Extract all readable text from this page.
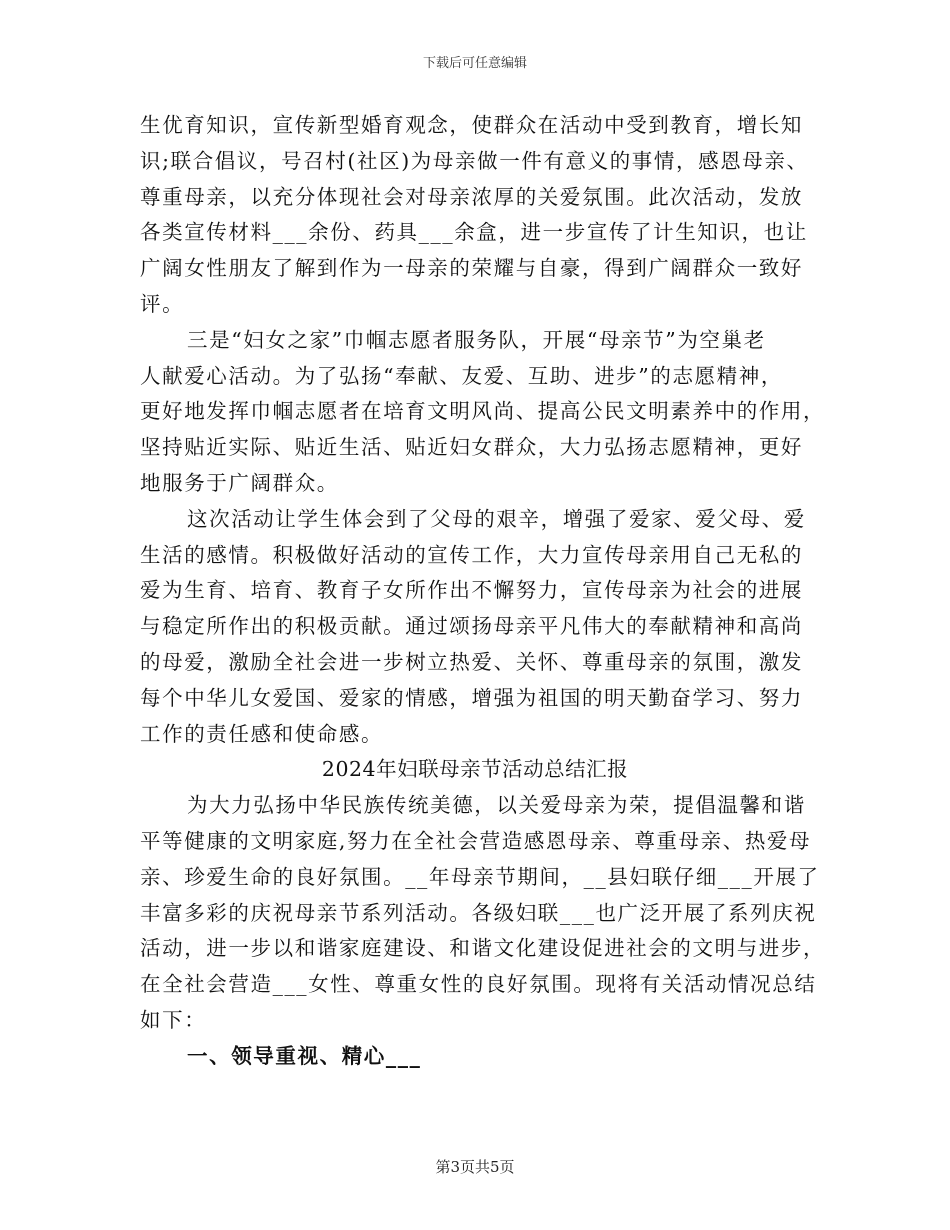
下载后可任意编辑
生优育知识，宣传新型婚育观念，使群众在活动中受到教育，增长知
识;联合倡议，号召村(社区)为母亲做一件有意义的事情，感恩母亲、
尊重母亲，以充分体现社会对母亲浓厚的关爱氛围。此次活动，发放
各类宣传材料___余份、药具___余盒，进一步宣传了计生知识，也让
广阔女性朋友了解到作为一母亲的荣耀与自豪，得到广阔群众一致好
评。
三是“妇女之家”巾帼志愿者服务队，开展“母亲节”为空巢老
人献爱心活动。为了弘扬“奉献、友爱、互助、进步”的志愿精神，
更好地发挥巾帼志愿者在培育文明风尚、提高公民文明素养中的作用，
坚持贴近实际、贴近生活、贴近妇女群众，大力弘扬志愿精神，更好
地服务于广阔群众。
这次活动让学生体会到了父母的艰辛，增强了爱家、爱父母、爱
生活的感情。积极做好活动的宣传工作，大力宣传母亲用自己无私的
爱为生育、培育、教育子女所作出不懈努力，宣传母亲为社会的进展
与稳定所作出的积极贡献。通过颂扬母亲平凡伟大的奉献精神和高尚
的母爱，激励全社会进一步树立热爱、关怀、尊重母亲的氛围，激发
每个中华儿女爱国、爱家的情感，增强为祖国的明天勤奋学习、努力
工作的责任感和使命感。
2024年妇联母亲节活动总结汇报
为大力弘扬中华民族传统美德，以关爱母亲为荣，提倡温馨和谐
平等健康的文明家庭,努力在全社会营造感恩母亲、尊重母亲、热爱母
亲、珍爱生命的良好氛围。__年母亲节期间，__县妇联仔细___开展了
丰富多彩的庆祝母亲节系列活动。各级妇联___也广泛开展了系列庆祝
活动，进一步以和谐家庭建设、和谐文化建设促进社会的文明与进步，
在全社会营造___女性、尊重女性的良好氛围。现将有关活动情况总结
如下：
一、领导重视、精心___
第3页共5页
